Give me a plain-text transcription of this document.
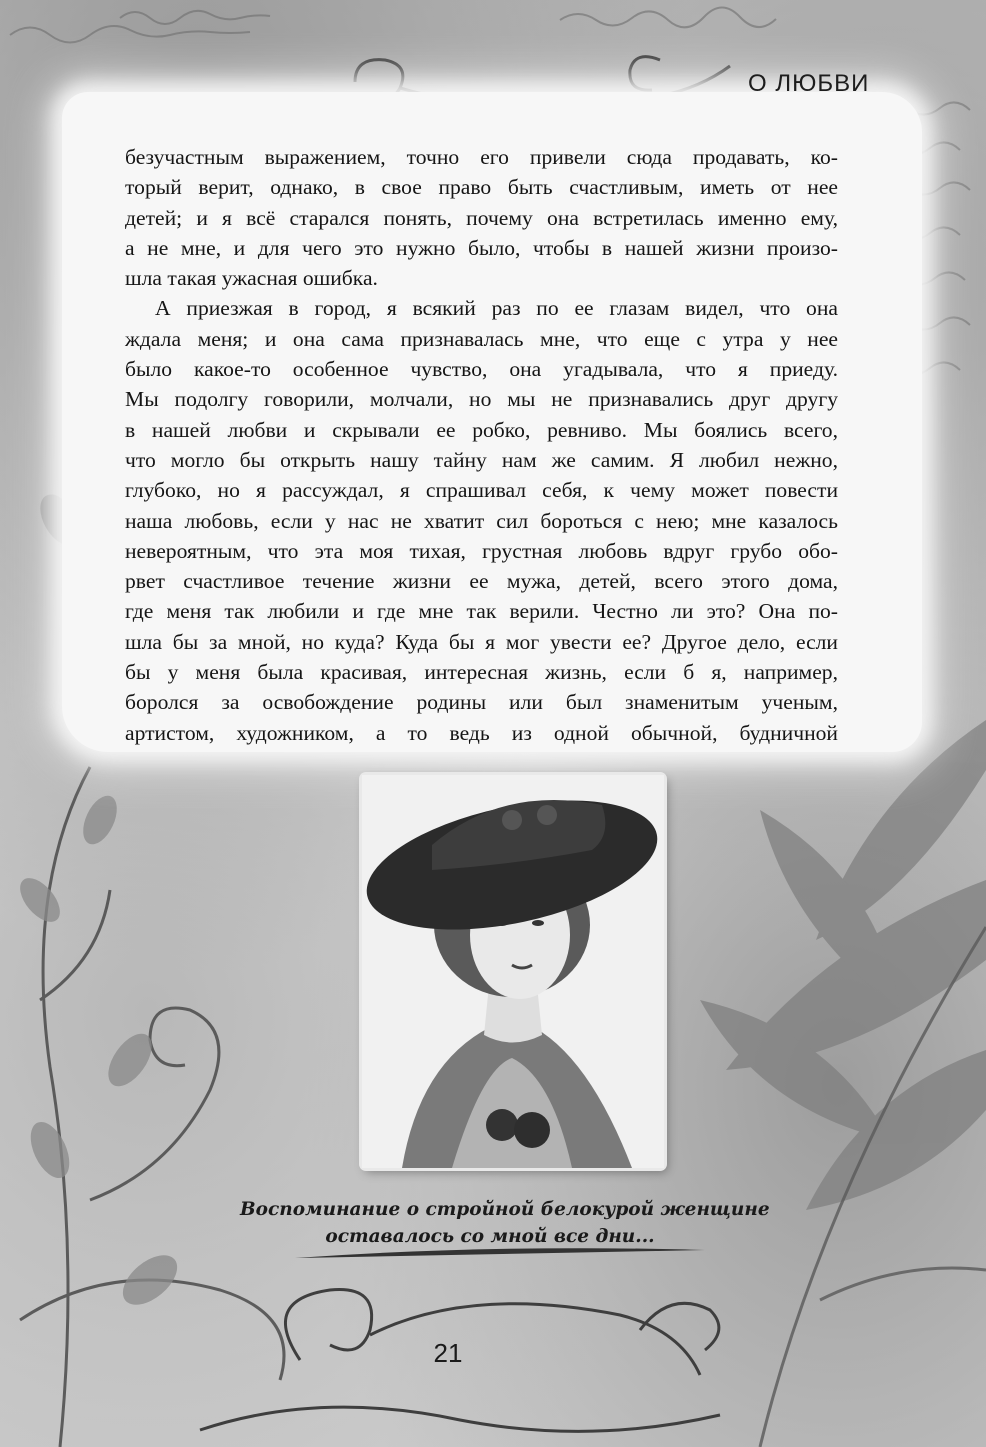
О ЛЮБВИ

безучастным выражением, точно его привели сюда продавать, ко-
торый верит, однако, в свое право быть счастливым, иметь от нее
детей; и я всё старался понять, почему она встретилась именно ему,
а не мне, и для чего это нужно было, чтобы в нашей жизни произо-
шла такая ужасная ошибка.

А приезжая в город, я всякий раз по ее глазам видел, что она
ждала меня; и она сама признавалась мне, что еще с утра у нее
было какое-то особенное чувство, она угадывала, что я приеду.
Мы подолгу говорили, молчали, но мы не признавались друг другу
в нашей любви и скрывали ее робко, ревниво. Мы боялись всего,
что могло бы открыть нашу тайну нам же самим. Я любил нежно,
глубоко, но я рассуждал, я спрашивал себя, к чему может повести
наша любовь, если у нас не хватит сил бороться с нею; мне казалось
невероятным, что эта моя тихая, грустная любовь вдруг грубо обо-
рвет счастливое течение жизни ее мужа, детей, всего этого дома,
где меня так любили и где мне так верили. Честно ли это? Она по-
шла бы за мной, но куда? Куда бы я мог увести ее? Другое дело, если
бы у меня была красивая, интересная жизнь, если б я, например,
боролся за освобождение родины или был знаменитым ученым,
артистом, художником, а то ведь из одной обычной, будничной

Воспоминание о стройной белокурой женщине
оставалось со мной все дни...
21
